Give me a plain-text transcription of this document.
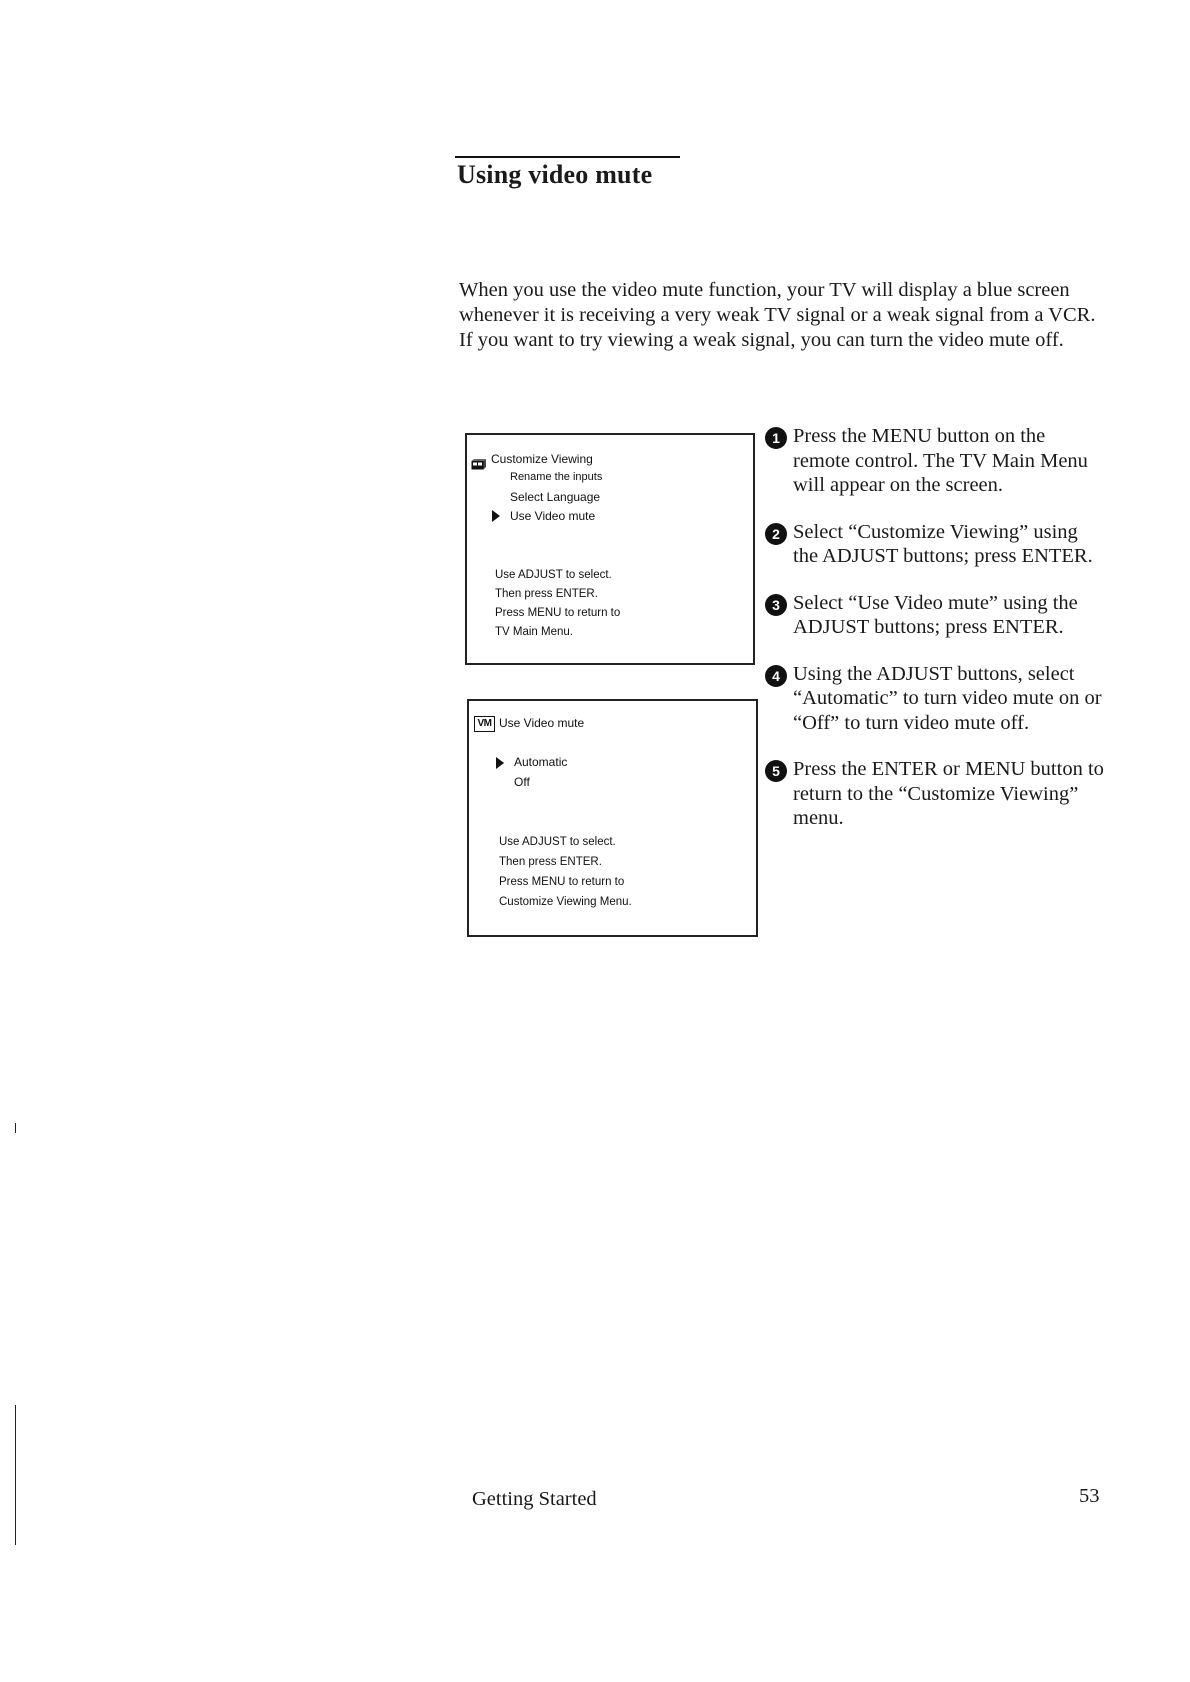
Using video mute

When you use the video mute function, your TV will display a blue screen whenever it is receiving a very weak TV signal or a weak signal from a VCR. If you want to try viewing a weak signal, you can turn the video mute off.

Customize Viewing
Rename the inputs
Select Language
Use Video mute
Use ADJUST to select.
Then press ENTER.
Press MENU to return to
TV Main Menu.
VM Use Video mute
Automatic
Off
Use ADJUST to select.
Then press ENTER.
Press MENU to return to
Customize Viewing Menu.
1 Press the MENU button on the remote control. The TV Main Menu will appear on the screen.
2 Select “Customize Viewing” using the ADJUST buttons; press ENTER.
3 Select “Use Video mute” using the ADJUST buttons; press ENTER.
4 Using the ADJUST buttons, select “Automatic” to turn video mute on or “Off” to turn video mute off.
5 Press the ENTER or MENU button to return to the “Customize Viewing” menu.
Getting Started	53
